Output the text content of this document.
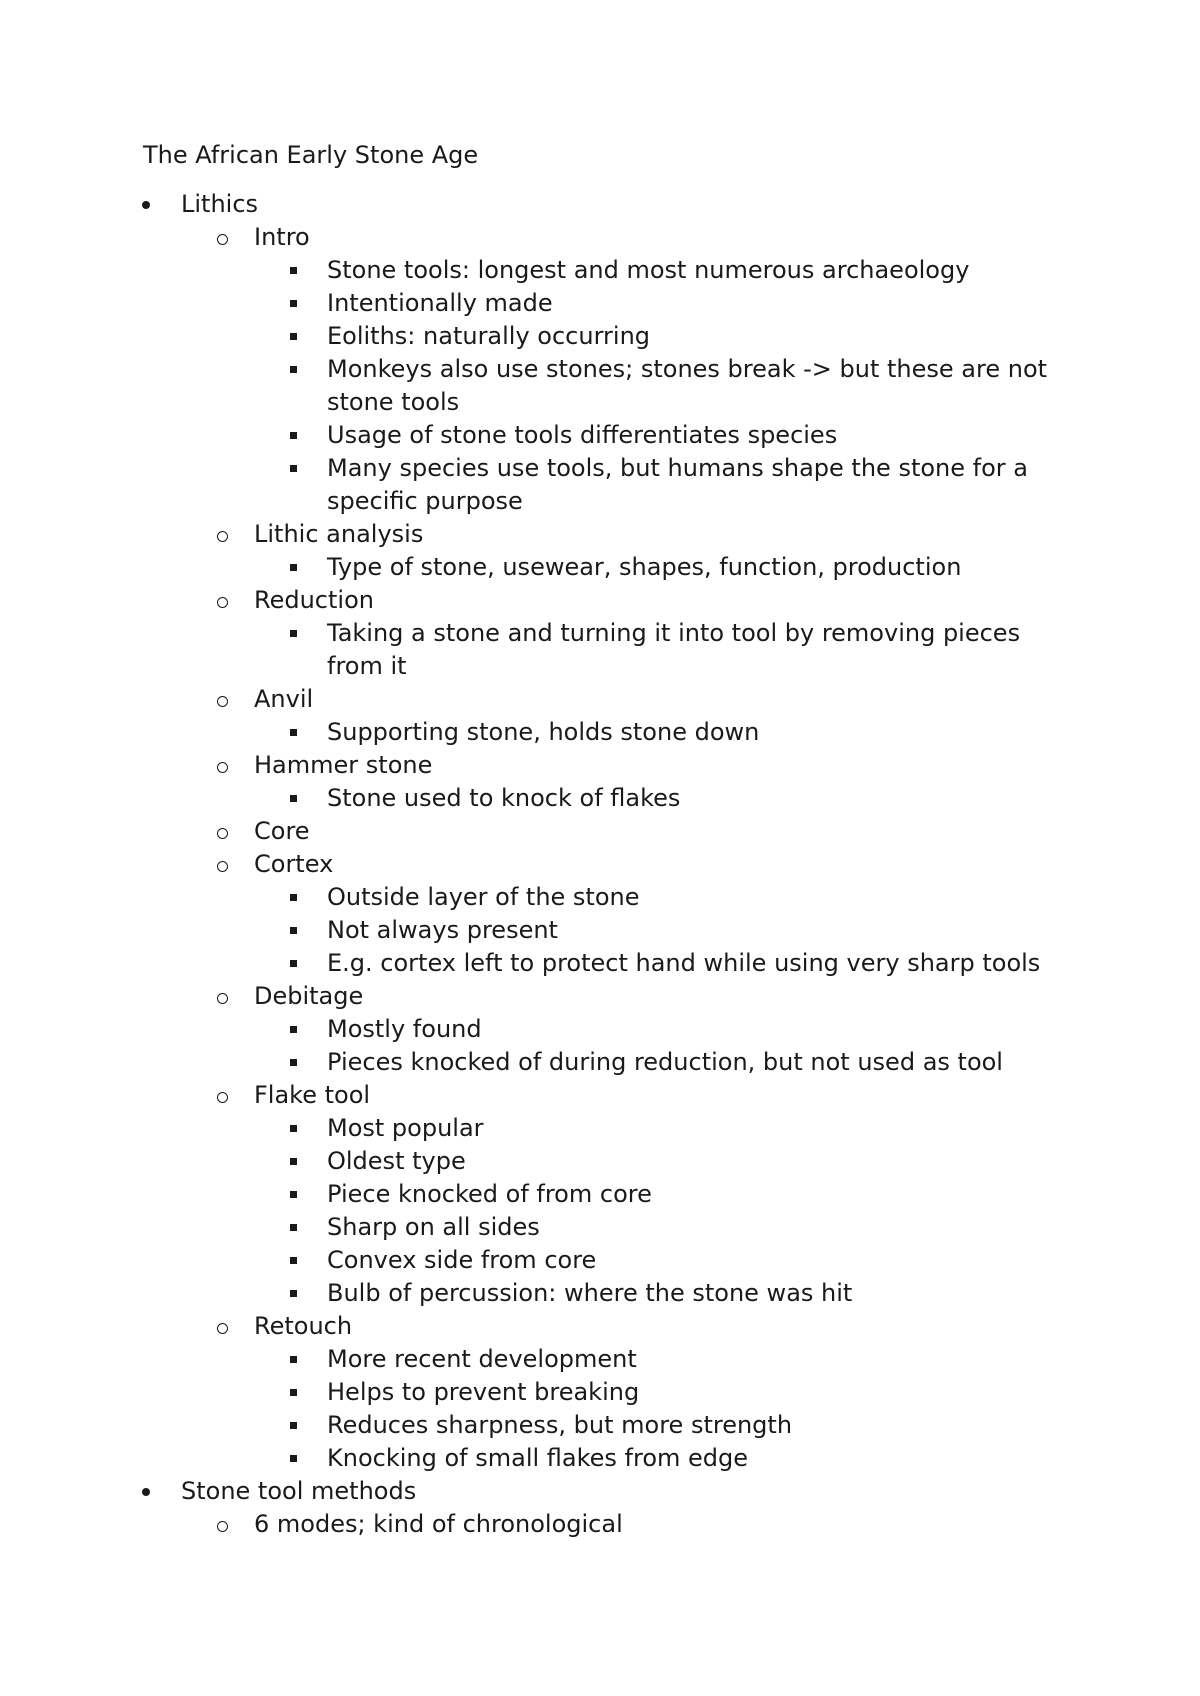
The African Early Stone Age
Lithics
Intro
Stone tools: longest and most numerous archaeology
Intentionally made
Eoliths: naturally occurring
Monkeys also use stones; stones break -> but these are not stone tools
Usage of stone tools differentiates species
Many species use tools, but humans shape the stone for a specific purpose
Lithic analysis
Type of stone, usewear, shapes, function, production
Reduction
Taking a stone and turning it into tool by removing pieces from it
Anvil
Supporting stone, holds stone down
Hammer stone
Stone used to knock of flakes
Core
Cortex
Outside layer of the stone
Not always present
E.g. cortex left to protect hand while using very sharp tools
Debitage
Mostly found
Pieces knocked of during reduction, but not used as tool
Flake tool
Most popular
Oldest type
Piece knocked of from core
Sharp on all sides
Convex side from core
Bulb of percussion: where the stone was hit
Retouch
More recent development
Helps to prevent breaking
Reduces sharpness, but more strength
Knocking of small flakes from edge
Stone tool methods
6 modes; kind of chronological
